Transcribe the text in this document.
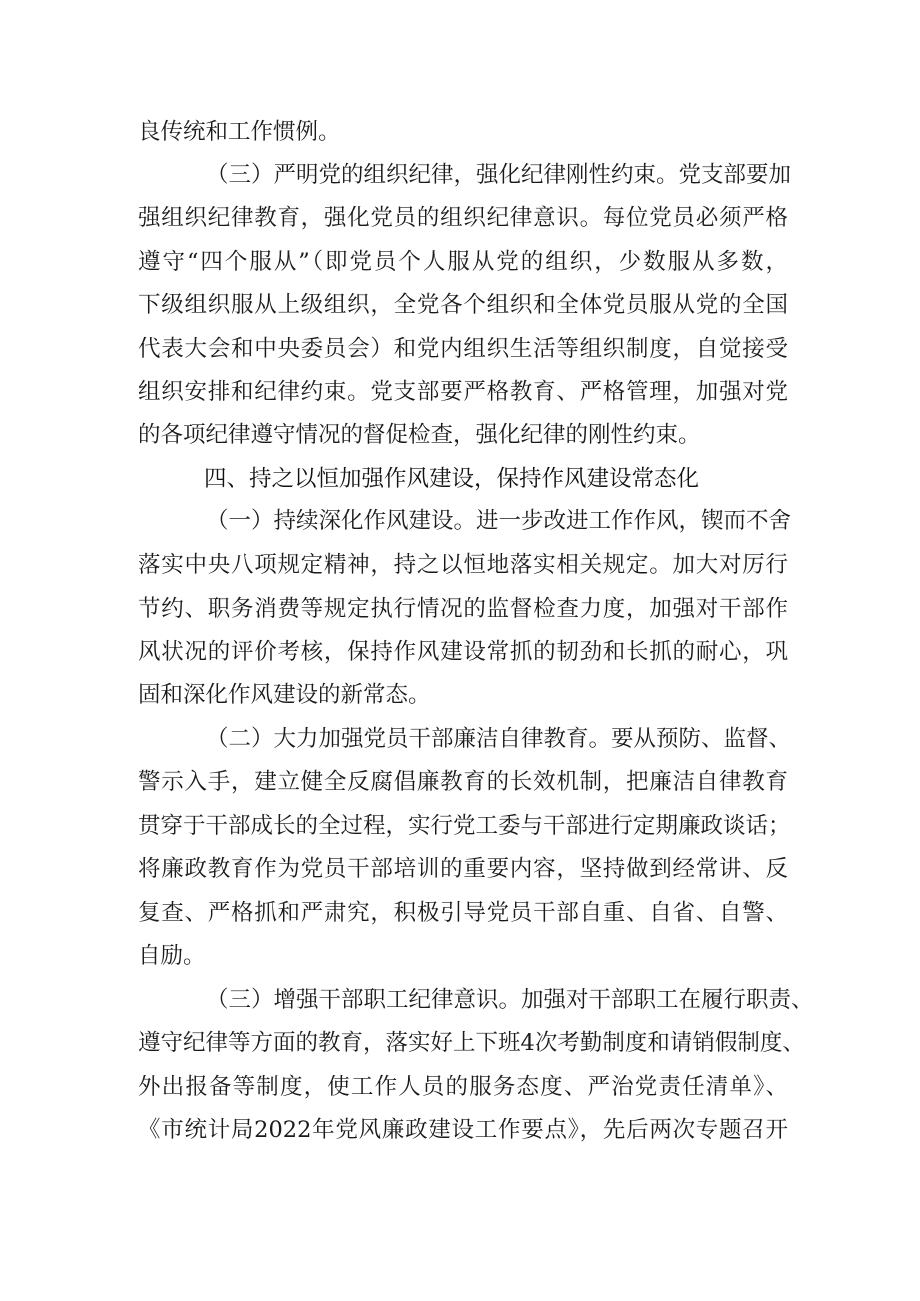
良传统和工作惯例。
（三）严明党的组织纪律，强化纪律刚性约束。党支部要加
强组织纪律教育，强化党员的组织纪律意识。每位党员必须严格
遵守“四个服从”（即党员个人服从党的组织，少数服从多数，
下级组织服从上级组织，全党各个组织和全体党员服从党的全国
代表大会和中央委员会）和党内组织生活等组织制度，自觉接受
组织安排和纪律约束。党支部要严格教育、严格管理，加强对党
的各项纪律遵守情况的督促检查，强化纪律的刚性约束。
四、持之以恒加强作风建设，保持作风建设常态化
（一）持续深化作风建设。进一步改进工作作风，锲而不舍
落实中央八项规定精神，持之以恒地落实相关规定。加大对厉行
节约、职务消费等规定执行情况的监督检查力度，加强对干部作
风状况的评价考核，保持作风建设常抓的韧劲和长抓的耐心，巩
固和深化作风建设的新常态。
（二）大力加强党员干部廉洁自律教育。要从预防、监督、
警示入手，建立健全反腐倡廉教育的长效机制，把廉洁自律教育
贯穿于干部成长的全过程，实行党工委与干部进行定期廉政谈话；
将廉政教育作为党员干部培训的重要内容，坚持做到经常讲、反
复查、严格抓和严肃究，积极引导党员干部自重、自省、自警、
自励。
（三）增强干部职工纪律意识。加强对干部职工在履行职责、
遵守纪律等方面的教育，落实好上下班4次考勤制度和请销假制度、
外出报备等制度，使工作人员的服务态度、严治党责任清单》、
《市统计局2022年党风廉政建设工作要点》，先后两次专题召开
